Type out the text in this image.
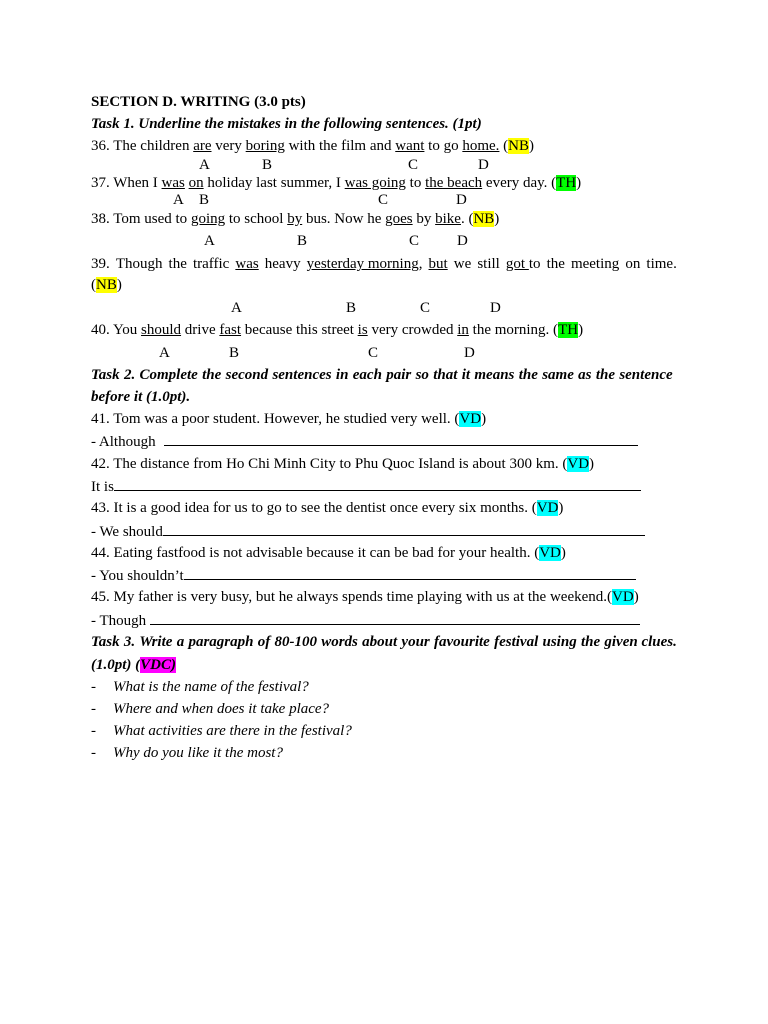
SECTION D. WRITING (3.0 pts)
Task 1. Underline the mistakes in the following sentences. (1pt)
36. The children are very boring with the film and want to go home. (NB)
A	B	C	D
37. When I was on holiday last summer, I was going to the beach every day. (TH)
A B	C	D
38. Tom used to going to school by bus. Now he goes by bike. (NB)
A	B	C	D
39. Though the traffic was heavy yesterday morning, but we still got to the meeting on time.
(NB)
A	B	C	D
40. You should drive fast because this street is very crowded in the morning. (TH)
A	B	C	D
Task 2. Complete the second sentences in each pair so that it means the same as the sentence
before it (1.0pt).
41. Tom was a poor student. However, he studied very well. (VD)
- Although
42. The distance from Ho Chi Minh City to Phu Quoc Island is about 300 km. (VD)
It is
43. It is a good idea for us to go to see the dentist once every six months. (VD)
- We should
44. Eating fastfood is not advisable because it can be bad for your health. (VD)
- You shouldn’t
45. My father is very busy, but he always spends time playing with us at the weekend.(VD)
- Though
Task 3. Write a paragraph of 80-100 words about your favourite festival using the given clues.
(1.0pt) (VDC)
- What is the name of the festival?
- Where and when does it take place?
- What activities are there in the festival?
- Why do you like it the most?
